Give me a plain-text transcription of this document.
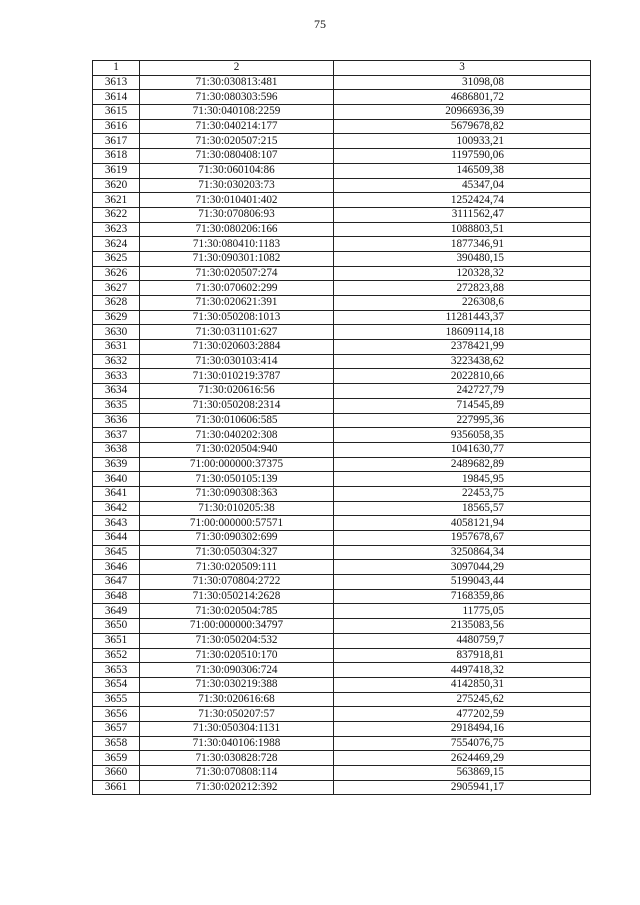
75
1	2	3
3613	71:30:030813:481	31098,08
3614	71:30:080303:596	4686801,72
3615	71:30:040108:2259	20966936,39
3616	71:30:040214:177	5679678,82
3617	71:30:020507:215	100933,21
3618	71:30:080408:107	1197590,06
3619	71:30:060104:86	146509,38
3620	71:30:030203:73	45347,04
3621	71:30:010401:402	1252424,74
3622	71:30:070806:93	3111562,47
3623	71:30:080206:166	1088803,51
3624	71:30:080410:1183	1877346,91
3625	71:30:090301:1082	390480,15
3626	71:30:020507:274	120328,32
3627	71:30:070602:299	272823,88
3628	71:30:020621:391	226308,6
3629	71:30:050208:1013	11281443,37
3630	71:30:031101:627	18609114,18
3631	71:30:020603:2884	2378421,99
3632	71:30:030103:414	3223438,62
3633	71:30:010219:3787	2022810,66
3634	71:30:020616:56	242727,79
3635	71:30:050208:2314	714545,89
3636	71:30:010606:585	227995,36
3637	71:30:040202:308	9356058,35
3638	71:30:020504:940	1041630,77
3639	71:00:000000:37375	2489682,89
3640	71:30:050105:139	19845,95
3641	71:30:090308:363	22453,75
3642	71:30:010205:38	18565,57
3643	71:00:000000:57571	4058121,94
3644	71:30:090302:699	1957678,67
3645	71:30:050304:327	3250864,34
3646	71:30:020509:111	3097044,29
3647	71:30:070804:2722	5199043,44
3648	71:30:050214:2628	7168359,86
3649	71:30:020504:785	11775,05
3650	71:00:000000:34797	2135083,56
3651	71:30:050204:532	4480759,7
3652	71:30:020510:170	837918,81
3653	71:30:090306:724	4497418,32
3654	71:30:030219:388	4142850,31
3655	71:30:020616:68	275245,62
3656	71:30:050207:57	477202,59
3657	71:30:050304:1131	2918494,16
3658	71:30:040106:1988	7554076,75
3659	71:30:030828:728	2624469,29
3660	71:30:070808:114	563869,15
3661	71:30:020212:392	2905941,17
